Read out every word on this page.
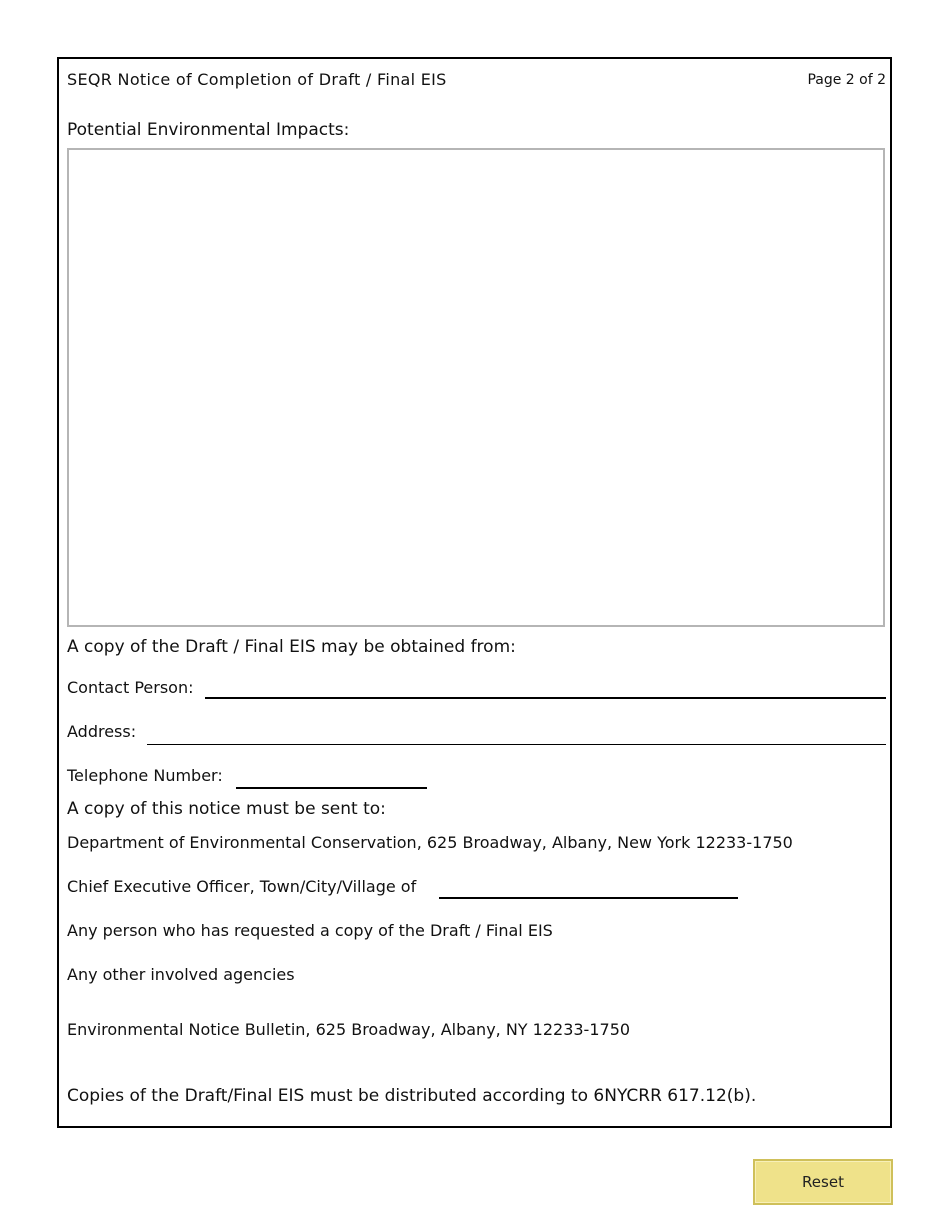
SEQR Notice of Completion of Draft / Final EIS	Page 2 of 2
Potential Environmental Impacts:
A copy of the Draft / Final EIS may be obtained from:
Contact Person:
Address:
Telephone Number:
A copy of this notice must be sent to:
Department of Environmental Conservation, 625 Broadway, Albany, New York 12233-1750
Chief Executive Officer, Town/City/Village of
Any person who has requested a copy of the Draft / Final EIS
Any other involved agencies
Environmental Notice Bulletin, 625 Broadway, Albany, NY 12233-1750
Copies of the Draft/Final EIS must be distributed according to 6NYCRR 617.12(b).
Reset
